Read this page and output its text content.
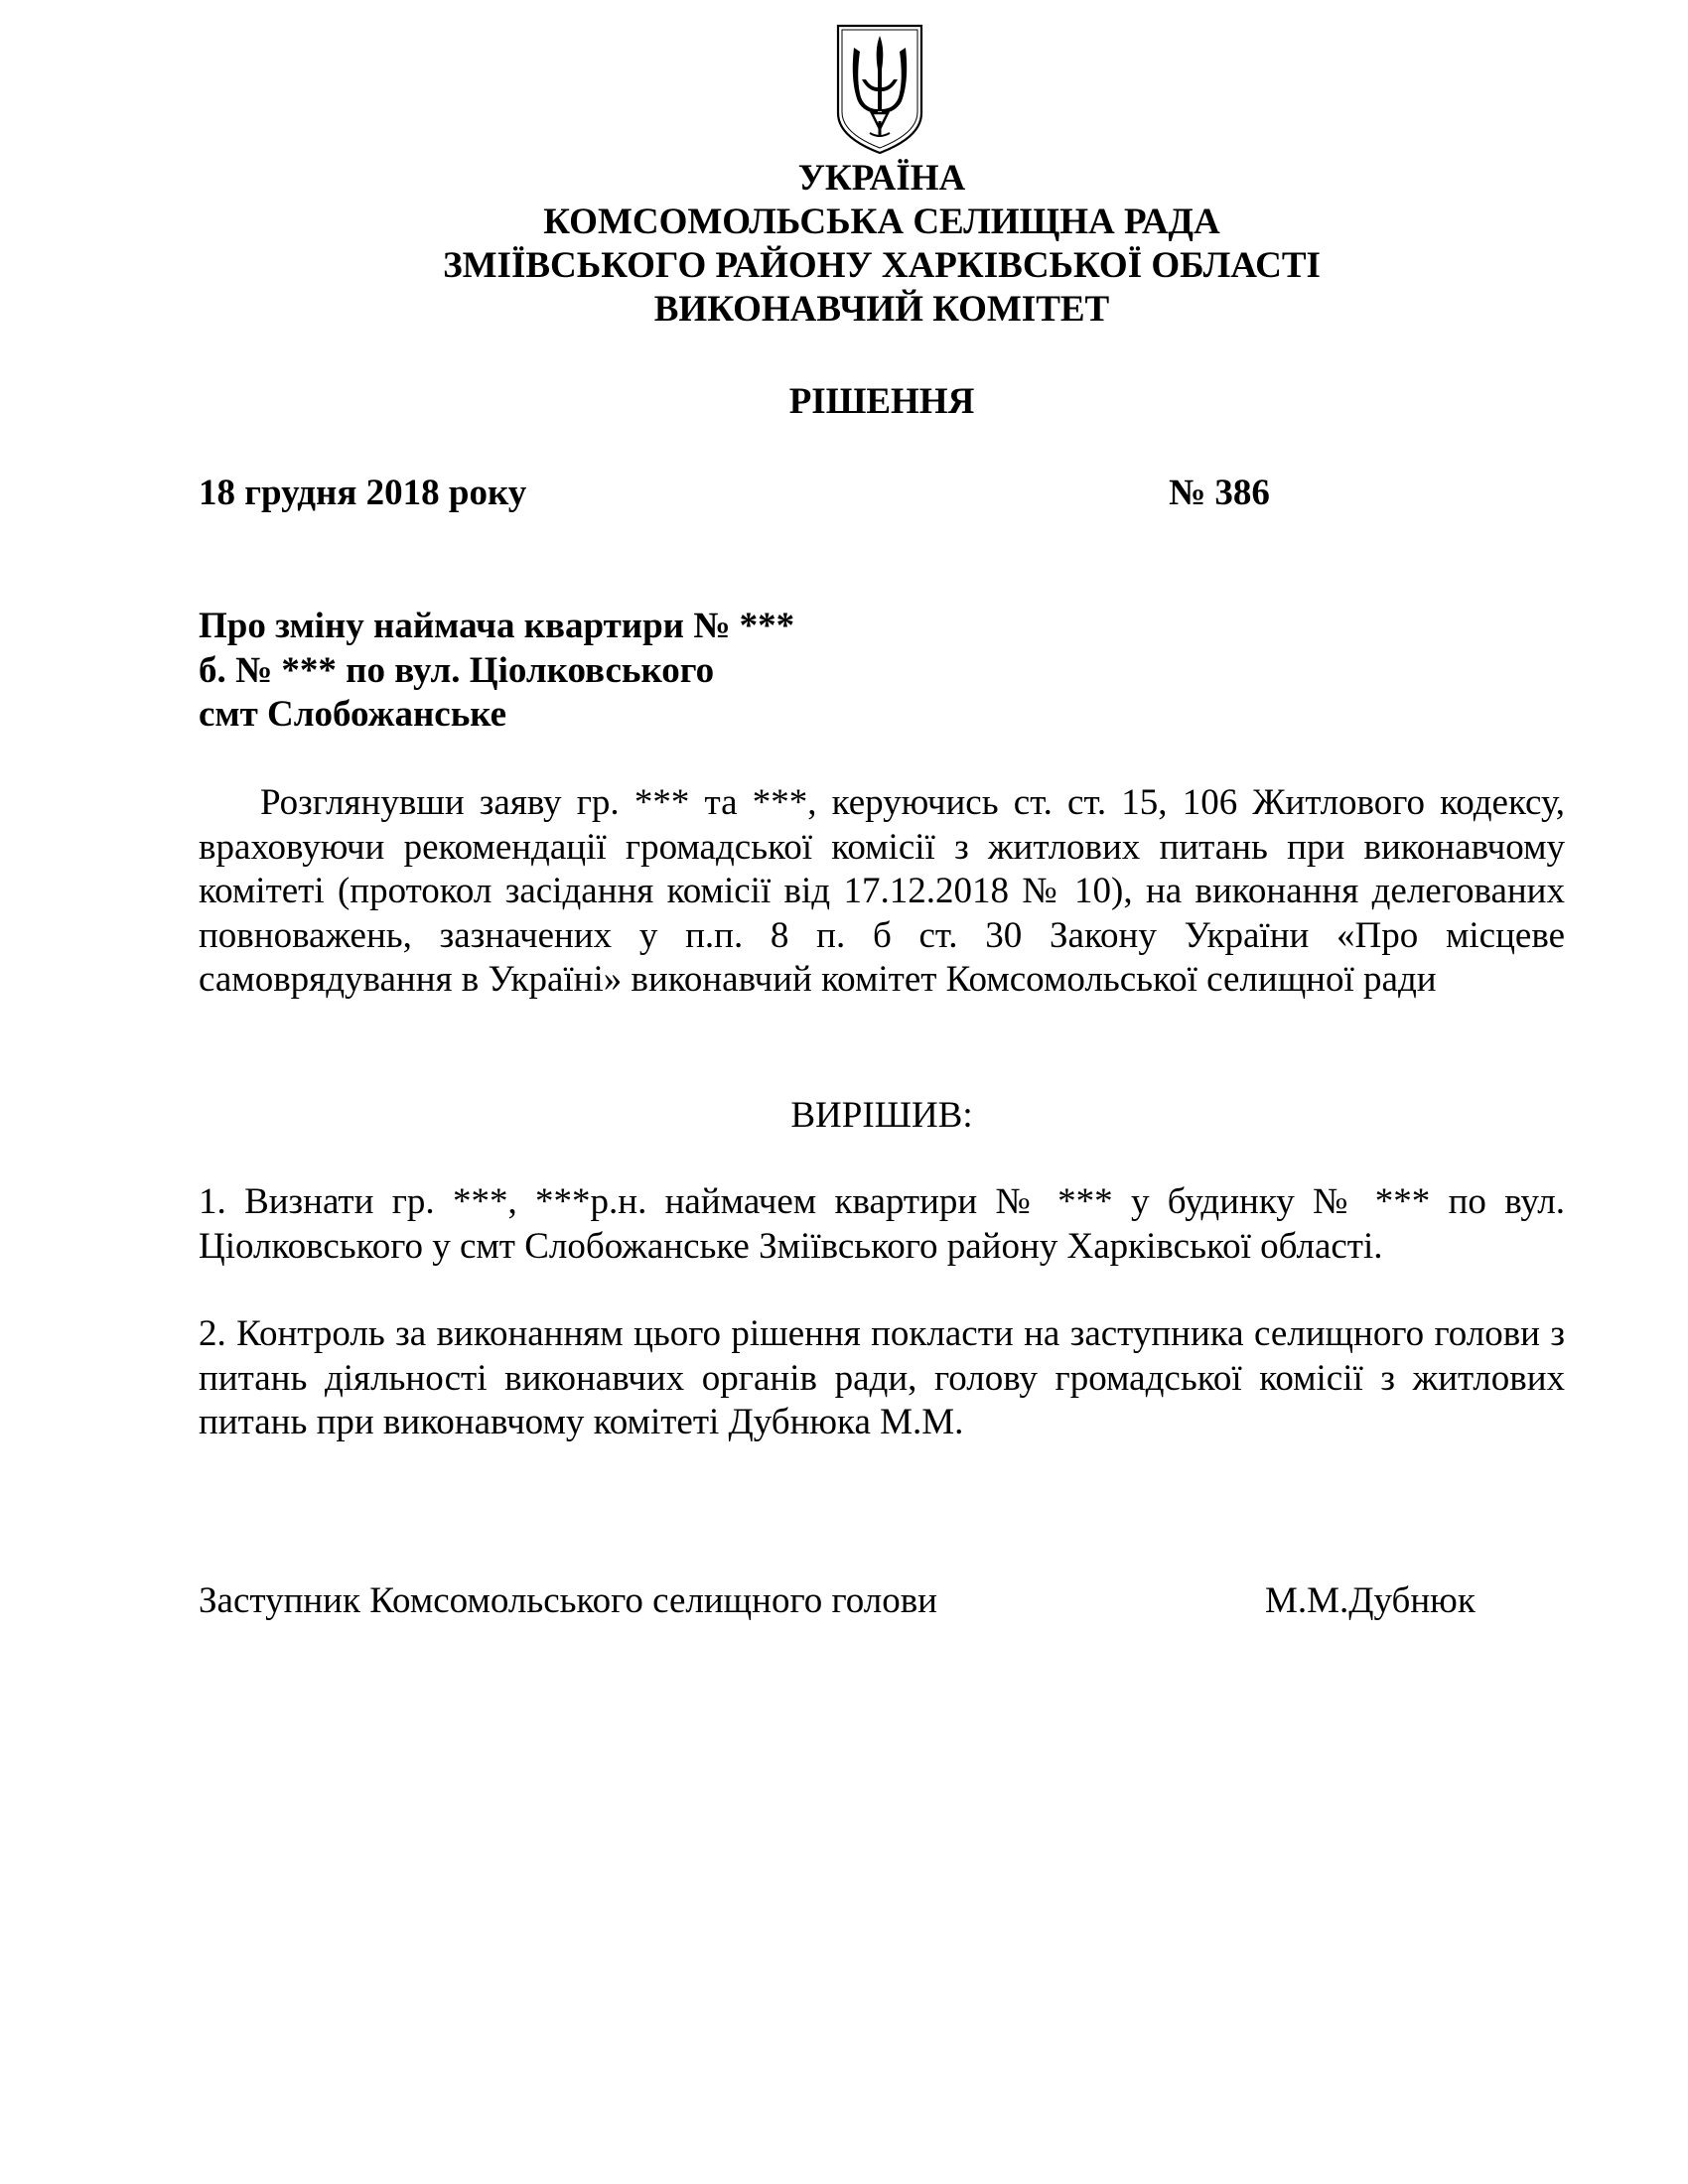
УКРАЇНА
КОМСОМОЛЬСЬКА СЕЛИЩНА РАДА
ЗМІЇВСЬКОГО РАЙОНУ ХАРКІВСЬКОЇ ОБЛАСТІ
ВИКОНАВЧИЙ КОМІТЕТ
РІШЕННЯ
18 грудня 2018 року	№ 386
Про зміну наймача квартири № ***
б. № *** по вул. Ціолковського
смт Слобожанське
Розглянувши заяву гр. *** та ***, керуючись ст. ст. 15, 106 Житлового кодексу, враховуючи рекомендації громадської комісії з житлових питань при виконавчому комітеті (протокол засідання комісії від 17.12.2018 № 10), на виконання делегованих повноважень, зазначених у п.п. 8 п. б ст. 30 Закону України «Про місцеве самоврядування в Україні» виконавчий комітет Комсомольської селищної ради
ВИРІШИВ:
1. Визнати гр. ***, ***р.н. наймачем квартири № *** у будинку № *** по вул. Ціолковського у смт Слобожанське Зміївського району Харківської області.
2. Контроль за виконанням цього рішення покласти на заступника селищного голови з питань діяльності виконавчих органів ради, голову громадської комісії з житлових питань при виконавчому комітеті Дубнюка М.М.
Заступник Комсомольського селищного голови	М.М.Дубнюк
